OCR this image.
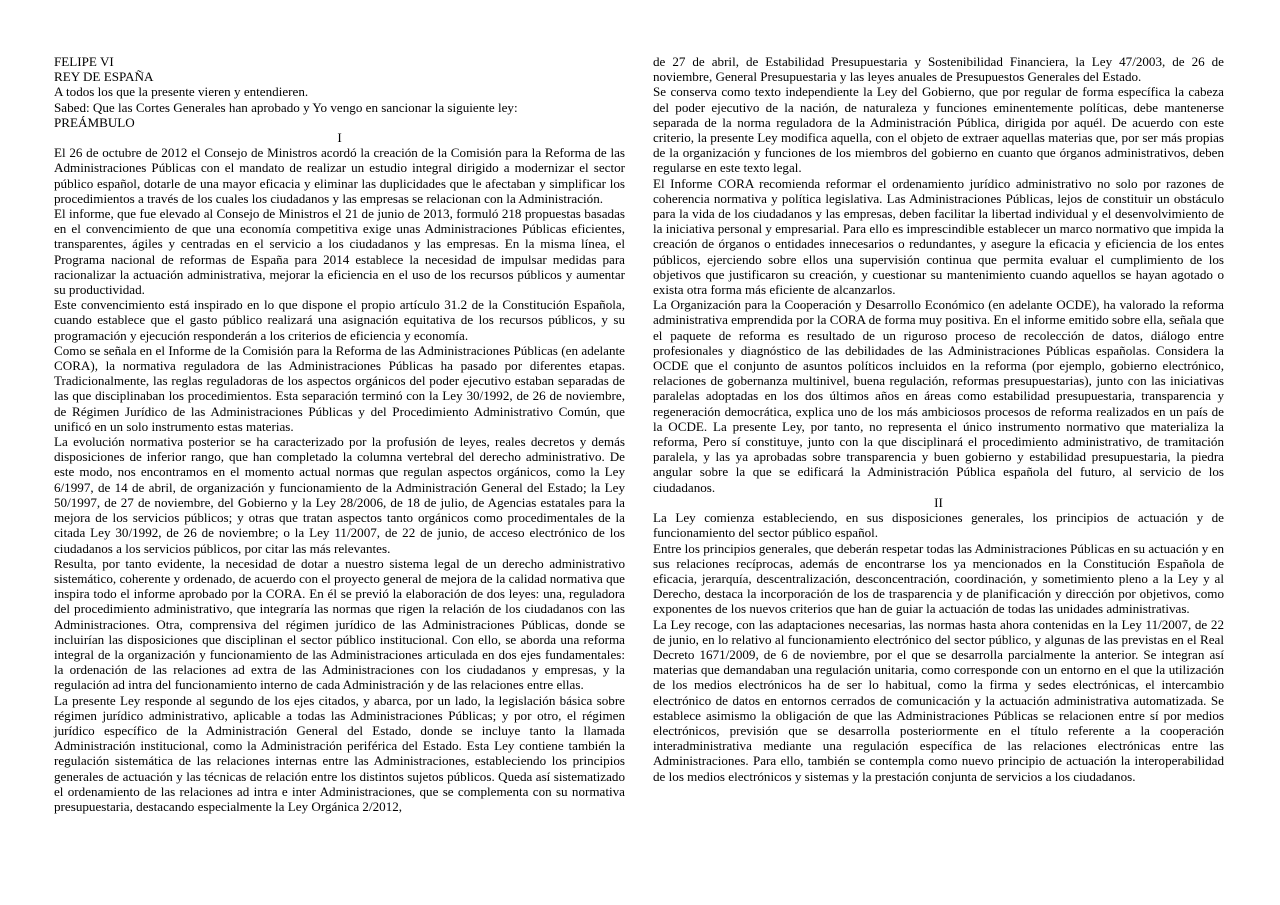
FELIPE VI
REY DE ESPAÑA
A todos los que la presente vieren y entendieren.
Sabed: Que las Cortes Generales han aprobado y Yo vengo en sancionar la siguiente ley:
PREÁMBULO
I

El 26 de octubre de 2012 el Consejo de Ministros acordó la creación de la Comisión para la Reforma de las Administraciones Públicas con el mandato de realizar un estudio integral dirigido a modernizar el sector público español, dotarle de una mayor eficacia y eliminar las duplicidades que le afectaban y simplificar los procedimientos a través de los cuales los ciudadanos y las empresas se relacionan con la Administración.

El informe, que fue elevado al Consejo de Ministros el 21 de junio de 2013, formuló 218 propuestas basadas en el convencimiento de que una economía competitiva exige unas Administraciones Públicas eficientes, transparentes, ágiles y centradas en el servicio a los ciudadanos y las empresas. En la misma línea, el Programa nacional de reformas de España para 2014 establece la necesidad de impulsar medidas para racionalizar la actuación administrativa, mejorar la eficiencia en el uso de los recursos públicos y aumentar su productividad.

Este convencimiento está inspirado en lo que dispone el propio artículo 31.2 de la Constitución Española, cuando establece que el gasto público realizará una asignación equitativa de los recursos públicos, y su programación y ejecución responderán a los criterios de eficiencia y economía.

Como se señala en el Informe de la Comisión para la Reforma de las Administraciones Públicas (en adelante CORA), la normativa reguladora de las Administraciones Públicas ha pasado por diferentes etapas. Tradicionalmente, las reglas reguladoras de los aspectos orgánicos del poder ejecutivo estaban separadas de las que disciplinaban los procedimientos. Esta separación terminó con la Ley 30/1992, de 26 de noviembre, de Régimen Jurídico de las Administraciones Públicas y del Procedimiento Administrativo Común, que unificó en un solo instrumento estas materias.

La evolución normativa posterior se ha caracterizado por la profusión de leyes, reales decretos y demás disposiciones de inferior rango, que han completado la columna vertebral del derecho administrativo. De este modo, nos encontramos en el momento actual normas que regulan aspectos orgánicos, como la Ley 6/1997, de 14 de abril, de organización y funcionamiento de la Administración General del Estado; la Ley 50/1997, de 27 de noviembre, del Gobierno y la Ley 28/2006, de 18 de julio, de Agencias estatales para la mejora de los servicios públicos; y otras que tratan aspectos tanto orgánicos como procedimentales de la citada Ley 30/1992, de 26 de noviembre; o la Ley 11/2007, de 22 de junio, de acceso electrónico de los ciudadanos a los servicios públicos, por citar las más relevantes.

Resulta, por tanto evidente, la necesidad de dotar a nuestro sistema legal de un derecho administrativo sistemático, coherente y ordenado, de acuerdo con el proyecto general de mejora de la calidad normativa que inspira todo el informe aprobado por la CORA. En él se previó la elaboración de dos leyes: una, reguladora del procedimiento administrativo, que integraría las normas que rigen la relación de los ciudadanos con las Administraciones. Otra, comprensiva del régimen jurídico de las Administraciones Públicas, donde se incluirían las disposiciones que disciplinan el sector público institucional. Con ello, se aborda una reforma integral de la organización y funcionamiento de las Administraciones articulada en dos ejes fundamentales: la ordenación de las relaciones ad extra de las Administraciones con los ciudadanos y empresas, y la regulación ad intra del funcionamiento interno de cada Administración y de las relaciones entre ellas.

La presente Ley responde al segundo de los ejes citados, y abarca, por un lado, la legislación básica sobre régimen jurídico administrativo, aplicable a todas las Administraciones Públicas; y por otro, el régimen jurídico específico de la Administración General del Estado, donde se incluye tanto la llamada Administración institucional, como la Administración periférica del Estado. Esta Ley contiene también la regulación sistemática de las relaciones internas entre las Administraciones, estableciendo los principios generales de actuación y las técnicas de relación entre los distintos sujetos públicos. Queda así sistematizado el ordenamiento de las relaciones ad intra e inter Administraciones, que se complementa con su normativa presupuestaria, destacando especialmente la Ley Orgánica 2/2012,

de 27 de abril, de Estabilidad Presupuestaria y Sostenibilidad Financiera, la Ley 47/2003, de 26 de noviembre, General Presupuestaria y las leyes anuales de Presupuestos Generales del Estado.

Se conserva como texto independiente la Ley del Gobierno, que por regular de forma específica la cabeza del poder ejecutivo de la nación, de naturaleza y funciones eminentemente políticas, debe mantenerse separada de la norma reguladora de la Administración Pública, dirigida por aquél. De acuerdo con este criterio, la presente Ley modifica aquella, con el objeto de extraer aquellas materias que, por ser más propias de la organización y funciones de los miembros del gobierno en cuanto que órganos administrativos, deben regularse en este texto legal.

El Informe CORA recomienda reformar el ordenamiento jurídico administrativo no solo por razones de coherencia normativa y política legislativa. Las Administraciones Públicas, lejos de constituir un obstáculo para la vida de los ciudadanos y las empresas, deben facilitar la libertad individual y el desenvolvimiento de la iniciativa personal y empresarial. Para ello es imprescindible establecer un marco normativo que impida la creación de órganos o entidades innecesarios o redundantes, y asegure la eficacia y eficiencia de los entes públicos, ejerciendo sobre ellos una supervisión continua que permita evaluar el cumplimiento de los objetivos que justificaron su creación, y cuestionar su mantenimiento cuando aquellos se hayan agotado o exista otra forma más eficiente de alcanzarlos.

La Organización para la Cooperación y Desarrollo Económico (en adelante OCDE), ha valorado la reforma administrativa emprendida por la CORA de forma muy positiva. En el informe emitido sobre ella, señala que el paquete de reforma es resultado de un riguroso proceso de recolección de datos, diálogo entre profesionales y diagnóstico de las debilidades de las Administraciones Públicas españolas. Considera la OCDE que el conjunto de asuntos políticos incluidos en la reforma (por ejemplo, gobierno electrónico, relaciones de gobernanza multinivel, buena regulación, reformas presupuestarias), junto con las iniciativas paralelas adoptadas en los dos últimos años en áreas como estabilidad presupuestaria, transparencia y regeneración democrática, explica uno de los más ambiciosos procesos de reforma realizados en un país de la OCDE. La presente Ley, por tanto, no representa el único instrumento normativo que materializa la reforma, Pero sí constituye, junto con la que disciplinará el procedimiento administrativo, de tramitación paralela, y las ya aprobadas sobre transparencia y buen gobierno y estabilidad presupuestaria, la piedra angular sobre la que se edificará la Administración Pública española del futuro, al servicio de los ciudadanos.

II

La Ley comienza estableciendo, en sus disposiciones generales, los principios de actuación y de funcionamiento del sector público español.

Entre los principios generales, que deberán respetar todas las Administraciones Públicas en su actuación y en sus relaciones recíprocas, además de encontrarse los ya mencionados en la Constitución Española de eficacia, jerarquía, descentralización, desconcentración, coordinación, y sometimiento pleno a la Ley y al Derecho, destaca la incorporación de los de trasparencia y de planificación y dirección por objetivos, como exponentes de los nuevos criterios que han de guiar la actuación de todas las unidades administrativas.

La Ley recoge, con las adaptaciones necesarias, las normas hasta ahora contenidas en la Ley 11/2007, de 22 de junio, en lo relativo al funcionamiento electrónico del sector público, y algunas de las previstas en el Real Decreto 1671/2009, de 6 de noviembre, por el que se desarrolla parcialmente la anterior. Se integran así materias que demandaban una regulación unitaria, como corresponde con un entorno en el que la utilización de los medios electrónicos ha de ser lo habitual, como la firma y sedes electrónicas, el intercambio electrónico de datos en entornos cerrados de comunicación y la actuación administrativa automatizada. Se establece asimismo la obligación de que las Administraciones Públicas se relacionen entre sí por medios electrónicos, previsión que se desarrolla posteriormente en el título referente a la cooperación interadministrativa mediante una regulación específica de las relaciones electrónicas entre las Administraciones. Para ello, también se contempla como nuevo principio de actuación la interoperabilidad de los medios electrónicos y sistemas y la prestación conjunta de servicios a los ciudadanos.
